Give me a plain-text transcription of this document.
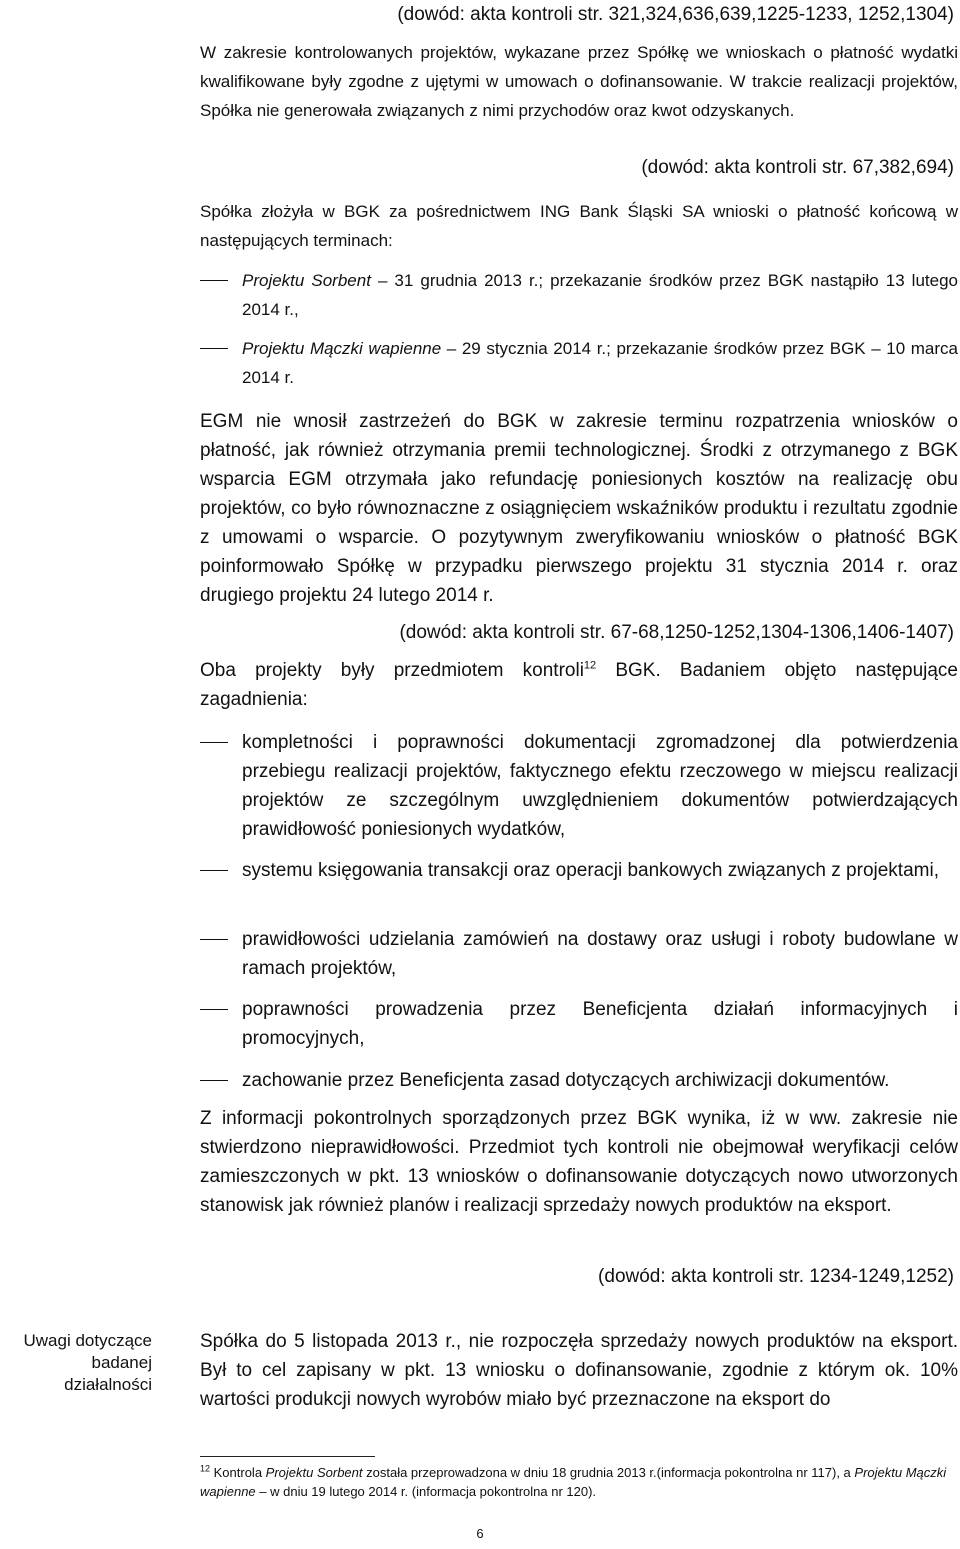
(dowód: akta kontroli str. 321,324,636,639,1225-1233, 1252,1304)

W zakresie kontrolowanych projektów, wykazane przez Spółkę we wnioskach o płatność wydatki kwalifikowane były zgodne z ujętymi w umowach o dofinansowanie. W trakcie realizacji projektów, Spółka nie generowała związanych z nimi przychodów oraz kwot odzyskanych.

(dowód: akta kontroli str. 67,382,694)

Spółka złożyła w BGK za pośrednictwem ING Bank Śląski SA wnioski o płatność końcową w następujących terminach:

Projektu Sorbent – 31 grudnia 2013 r.; przekazanie środków przez BGK nastąpiło 13 lutego 2014 r.,

Projektu Mączki wapienne – 29 stycznia 2014 r.; przekazanie środków przez BGK – 10 marca 2014 r.

EGM nie wnosił zastrzeżeń do BGK w zakresie terminu rozpatrzenia wniosków o płatność, jak również otrzymania premii technologicznej. Środki z otrzymanego z BGK wsparcia EGM otrzymała jako refundację poniesionych kosztów na realizację obu projektów, co było równoznaczne z osiągnięciem wskaźników produktu i rezultatu zgodnie z umowami o wsparcie. O pozytywnym zweryfikowaniu wniosków o płatność BGK poinformowało Spółkę w przypadku pierwszego projektu 31 stycznia 2014 r. oraz drugiego projektu 24 lutego 2014 r.

(dowód: akta kontroli str. 67-68,1250-1252,1304-1306,1406-1407)

Oba projekty były przedmiotem kontroli$^{12}$ BGK. Badaniem objęto następujące zagadnienia:

kompletności i poprawności dokumentacji zgromadzonej dla potwierdzenia przebiegu realizacji projektów, faktycznego efektu rzeczowego w miejscu realizacji projektów ze szczególnym uwzględnieniem dokumentów potwierdzających prawidłowość poniesionych wydatków,

systemu księgowania transakcji oraz operacji bankowych związanych z projektami,

prawidłowości udzielania zamówień na dostawy oraz usługi i roboty budowlane w ramach projektów,

poprawności prowadzenia przez Beneficjenta działań informacyjnych i promocyjnych,

zachowanie przez Beneficjenta zasad dotyczących archiwizacji dokumentów.

Z informacji pokontrolnych sporządzonych przez BGK wynika, iż w ww. zakresie nie stwierdzono nieprawidłowości. Przedmiot tych kontroli nie obejmował weryfikacji celów zamieszczonych w pkt. 13 wniosków o dofinansowanie dotyczących nowo utworzonych stanowisk jak również planów i realizacji sprzedaży nowych produktów na eksport.

(dowód: akta kontroli str. 1234-1249,1252)

Uwagi dotyczące badanej działalności

Spółka do 5 listopada 2013 r., nie rozpoczęła sprzedaży nowych produktów na eksport. Był to cel zapisany w pkt. 13 wniosku o dofinansowanie, zgodnie z którym ok. 10% wartości produkcji nowych wyrobów miało być przeznaczone na eksport do

$^{12}$ Kontrola Projektu Sorbent została przeprowadzona w dniu 18 grudnia 2013 r.(informacja pokontrolna nr 117), a Projektu Mączki wapienne – w dniu 19 lutego 2014 r. (informacja pokontrolna nr 120).

6
